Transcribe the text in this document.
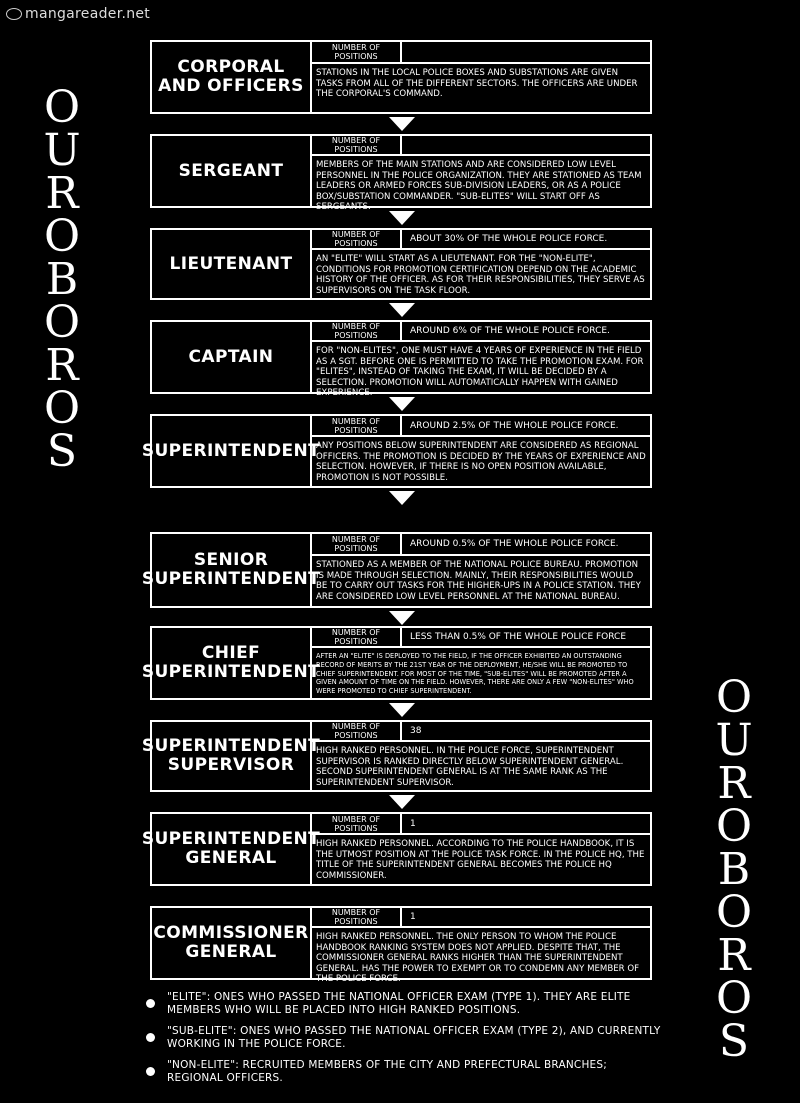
mangareader.net
O
U
R
O
B
O
R
O
S
O
U
R
O
B
O
R
O
S
CORPORAL AND OFFICERS
NUMBER OF POSITIONS
STATIONS IN THE LOCAL POLICE BOXES AND SUBSTATIONS ARE GIVEN TASKS FROM ALL OF THE DIFFERENT SECTORS. THE OFFICERS ARE UNDER THE CORPORAL'S COMMAND.
SERGEANT
NUMBER OF POSITIONS
MEMBERS OF THE MAIN STATIONS AND ARE CONSIDERED LOW LEVEL PERSONNEL IN THE POLICE ORGANIZATION. THEY ARE STATIONED AS TEAM LEADERS OR ARMED FORCES SUB-DIVISION LEADERS, OR AS A POLICE BOX/SUBSTATION COMMANDER. "SUB-ELITES" WILL START OFF AS SERGEANTS.
LIEUTENANT
NUMBER OF POSITIONS	ABOUT 30% OF THE WHOLE POLICE FORCE.
AN "ELITE" WILL START AS A LIEUTENANT. FOR THE "NON-ELITE", CONDITIONS FOR PROMOTION CERTIFICATION DEPEND ON THE ACADEMIC HISTORY OF THE OFFICER. AS FOR THEIR RESPONSIBILITIES, THEY SERVE AS SUPERVISORS ON THE TASK FLOOR.
CAPTAIN
NUMBER OF POSITIONS	AROUND 6% OF THE WHOLE POLICE FORCE.
FOR "NON-ELITES", ONE MUST HAVE 4 YEARS OF EXPERIENCE IN THE FIELD AS A SGT. BEFORE ONE IS PERMITTED TO TAKE THE PROMOTION EXAM. FOR "ELITES", INSTEAD OF TAKING THE EXAM, IT WILL BE DECIDED BY A SELECTION. PROMOTION WILL AUTOMATICALLY HAPPEN WITH GAINED EXPERIENCE.
SUPERINTENDENT
NUMBER OF POSITIONS	AROUND 2.5% OF THE WHOLE POLICE FORCE.
ANY POSITIONS BELOW SUPERINTENDENT ARE CONSIDERED AS REGIONAL OFFICERS. THE PROMOTION IS DECIDED BY THE YEARS OF EXPERIENCE AND SELECTION. HOWEVER, IF THERE IS NO OPEN POSITION AVAILABLE, PROMOTION IS NOT POSSIBLE.
SENIOR SUPERINTENDENT
NUMBER OF POSITIONS	AROUND 0.5% OF THE WHOLE POLICE FORCE.
STATIONED AS A MEMBER OF THE NATIONAL POLICE BUREAU. PROMOTION IS MADE THROUGH SELECTION. MAINLY, THEIR RESPONSIBILITIES WOULD BE TO CARRY OUT TASKS FOR THE HIGHER-UPS IN A POLICE STATION. THEY ARE CONSIDERED LOW LEVEL PERSONNEL AT THE NATIONAL BUREAU.
CHIEF SUPERINTENDENT
NUMBER OF POSITIONS	LESS THAN 0.5% OF THE WHOLE POLICE FORCE
AFTER AN "ELITE" IS DEPLOYED TO THE FIELD, IF THE OFFICER EXHIBITED AN OUTSTANDING RECORD OF MERITS BY THE 21ST YEAR OF THE DEPLOYMENT, HE/SHE WILL BE PROMOTED TO CHIEF SUPERINTENDENT. FOR MOST OF THE TIME, "SUB-ELITES" WILL BE PROMOTED AFTER A GIVEN AMOUNT OF TIME ON THE FIELD. HOWEVER, THERE ARE ONLY A FEW "NON-ELITES" WHO WERE PROMOTED TO CHIEF SUPERINTENDENT.
SUPERINTENDENT SUPERVISOR
NUMBER OF POSITIONS	38
HIGH RANKED PERSONNEL. IN THE POLICE FORCE, SUPERINTENDENT SUPERVISOR IS RANKED DIRECTLY BELOW SUPERINTENDENT GENERAL. SECOND SUPERINTENDENT GENERAL IS AT THE SAME RANK AS THE SUPERINTENDENT SUPERVISOR.
SUPERINTENDENT GENERAL
NUMBER OF POSITIONS	1
HIGH RANKED PERSONNEL. ACCORDING TO THE POLICE HANDBOOK, IT IS THE UTMOST POSITION AT THE POLICE TASK FORCE. IN THE POLICE HQ, THE TITLE OF THE SUPERINTENDENT GENERAL BECOMES THE POLICE HQ COMMISSIONER.
COMMISSIONER GENERAL
NUMBER OF POSITIONS	1
HIGH RANKED PERSONNEL. THE ONLY PERSON TO WHOM THE POLICE HANDBOOK RANKING SYSTEM DOES NOT APPLIED. DESPITE THAT, THE COMMISSIONER GENERAL RANKS HIGHER THAN THE SUPERINTENDENT GENERAL. HAS THE POWER TO EXEMPT OR TO CONDEMN ANY MEMBER OF THE POLICE FORCE.
"ELITE": ONES WHO PASSED THE NATIONAL OFFICER EXAM (TYPE 1). THEY ARE ELITE MEMBERS WHO WILL BE PLACED INTO HIGH RANKED POSITIONS.
"SUB-ELITE": ONES WHO PASSED THE NATIONAL OFFICER EXAM (TYPE 2), AND CURRENTLY WORKING IN THE POLICE FORCE.
"NON-ELITE": RECRUITED MEMBERS OF THE CITY AND PREFECTURAL BRANCHES; REGIONAL OFFICERS.
